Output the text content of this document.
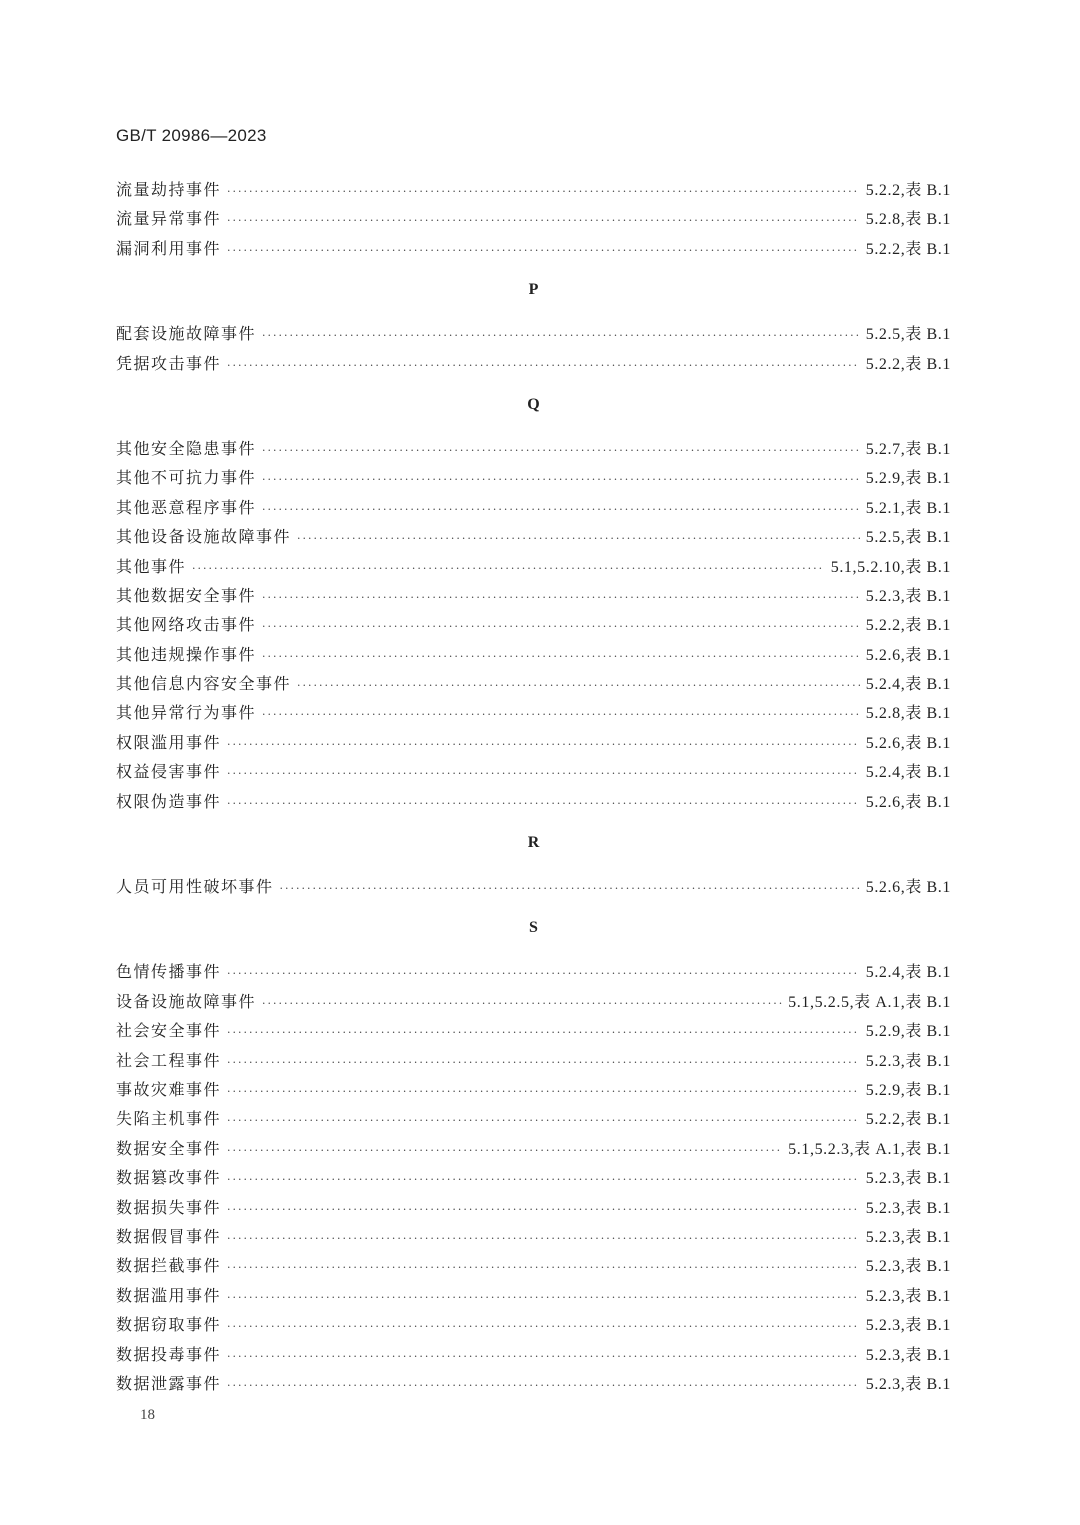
GB/T 20986—2023
流量劫持事件 ·····	5.2.2,表 B.1
流量异常事件 ·····	5.2.8,表 B.1
漏洞利用事件 ·····	5.2.2,表 B.1
P
配套设施故障事件 ·····	5.2.5,表 B.1
凭据攻击事件 ·····	5.2.2,表 B.1
Q
其他安全隐患事件 ·····	5.2.7,表 B.1
其他不可抗力事件 ·····	5.2.9,表 B.1
其他恶意程序事件 ·····	5.2.1,表 B.1
其他设备设施故障事件 ·····	5.2.5,表 B.1
其他事件 ·····	5.1,5.2.10,表 B.1
其他数据安全事件 ·····	5.2.3,表 B.1
其他网络攻击事件 ·····	5.2.2,表 B.1
其他违规操作事件 ·····	5.2.6,表 B.1
其他信息内容安全事件 ·····	5.2.4,表 B.1
其他异常行为事件 ·····	5.2.8,表 B.1
权限滥用事件 ·····	5.2.6,表 B.1
权益侵害事件 ·····	5.2.4,表 B.1
权限伪造事件 ·····	5.2.6,表 B.1
R
人员可用性破坏事件 ·····	5.2.6,表 B.1
S
色情传播事件 ·····	5.2.4,表 B.1
设备设施故障事件 ·····	5.1,5.2.5,表 A.1,表 B.1
社会安全事件 ·····	5.2.9,表 B.1
社会工程事件 ·····	5.2.3,表 B.1
事故灾难事件 ·····	5.2.9,表 B.1
失陷主机事件 ·····	5.2.2,表 B.1
数据安全事件 ·····	5.1,5.2.3,表 A.1,表 B.1
数据篡改事件 ·····	5.2.3,表 B.1
数据损失事件 ·····	5.2.3,表 B.1
数据假冒事件 ·····	5.2.3,表 B.1
数据拦截事件 ·····	5.2.3,表 B.1
数据滥用事件 ·····	5.2.3,表 B.1
数据窃取事件 ·····	5.2.3,表 B.1
数据投毒事件 ·····	5.2.3,表 B.1
数据泄露事件 ·····	5.2.3,表 B.1
18
